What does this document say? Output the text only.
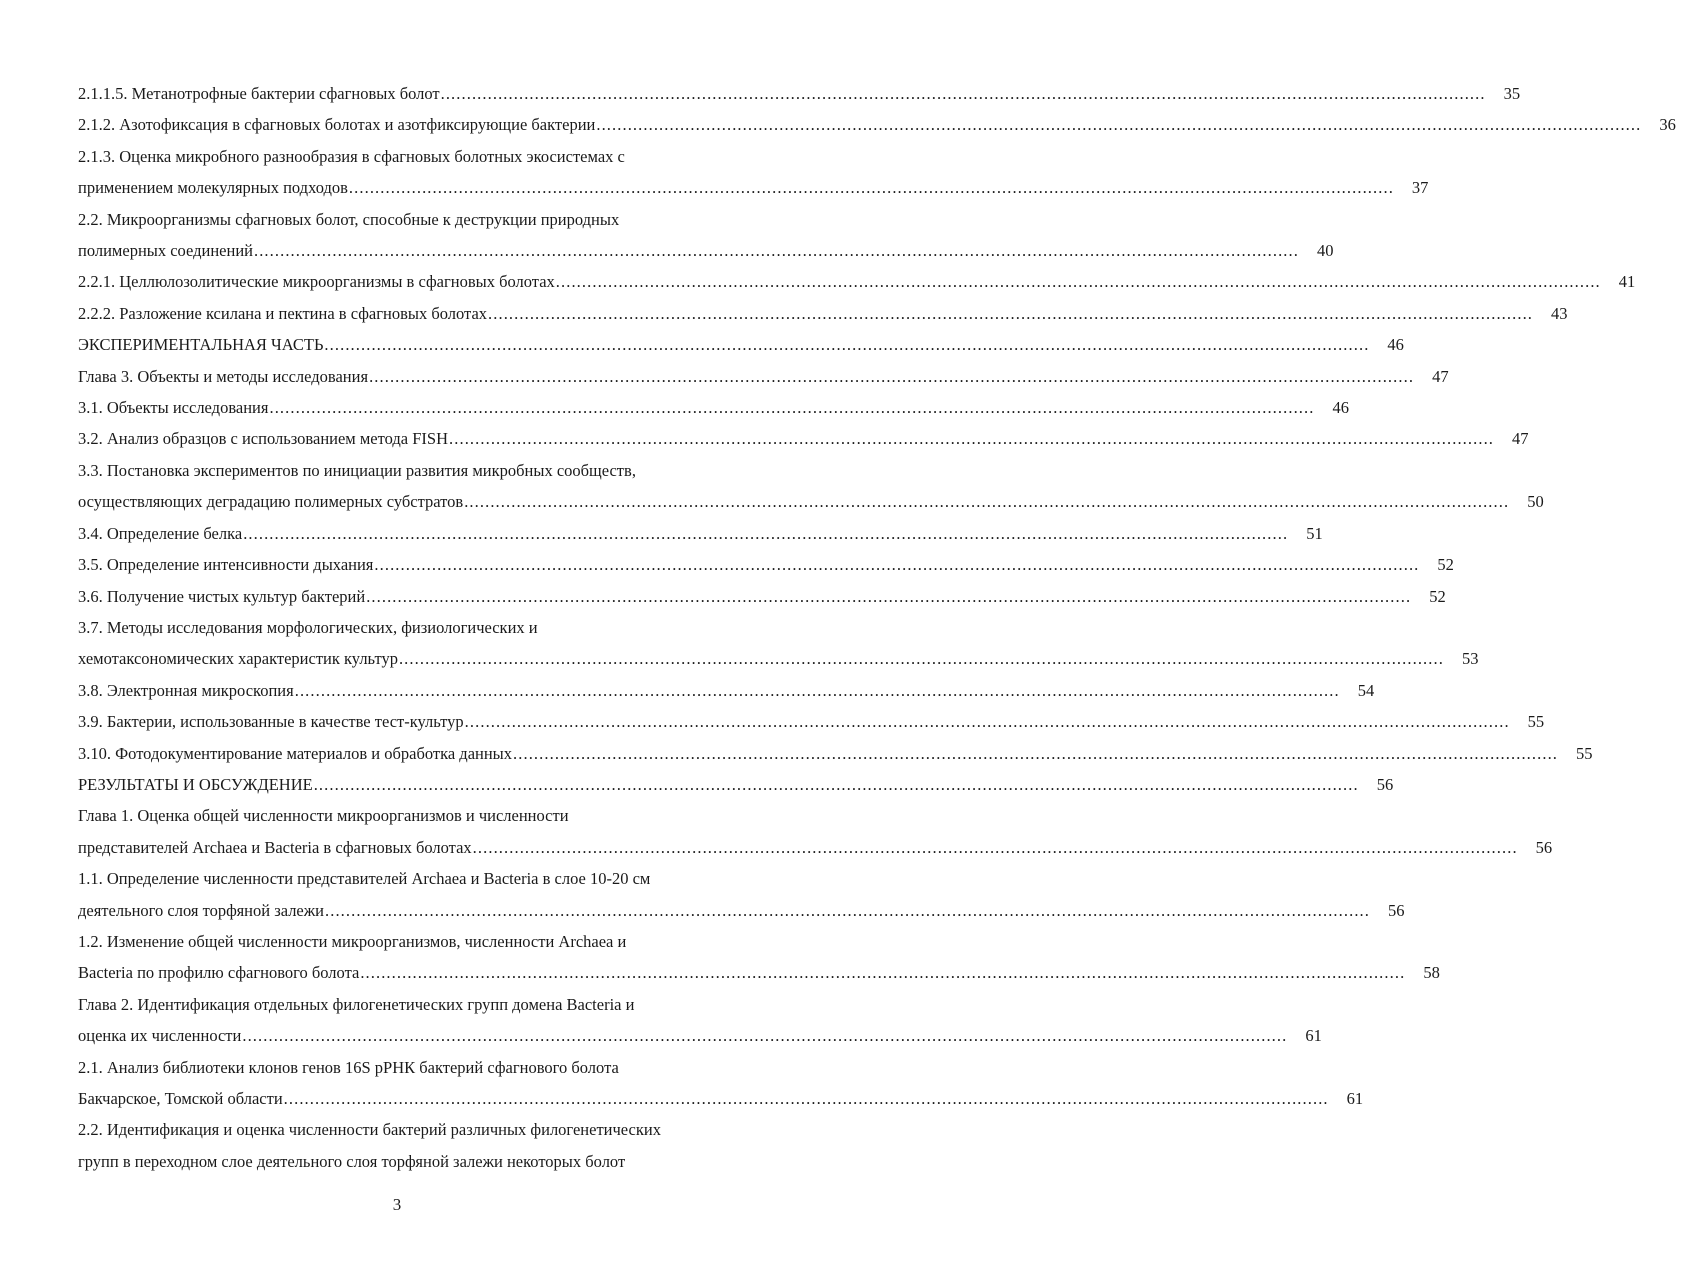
2.1.1.5. Метанотрофные бактерии сфагновых болот ........................................................................................................................................................................................................ 35
2.1.2. Азотофиксация в сфагновых болотах и азотфиксирующие бактерии ........................................................................................................................................................................................................ 36
2.1.3. Оценка микробного разнообразия в сфагновых болотных экосистемах с
применением молекулярных подходов ........................................................................................................................................................................................................ 37
2.2. Микроорганизмы сфагновых болот, способные к деструкции природных
полимерных соединений ........................................................................................................................................................................................................ 40
2.2.1. Целлюлозолитические микроорганизмы в сфагновых болотах ........................................................................................................................................................................................................ 41
2.2.2. Разложение ксилана и пектина в сфагновых болотах ........................................................................................................................................................................................................ 43
ЭКСПЕРИМЕНТАЛЬНАЯ ЧАСТЬ ........................................................................................................................................................................................................ 46
Глава 3. Объекты и методы исследования ........................................................................................................................................................................................................ 47
3.1. Объекты исследования ........................................................................................................................................................................................................ 46
3.2. Анализ образцов с использованием метода FISH ........................................................................................................................................................................................................ 47
3.3. Постановка экспериментов по инициации развития микробных сообществ,
осуществляющих деградацию полимерных субстратов ........................................................................................................................................................................................................ 50
3.4. Определение белка ........................................................................................................................................................................................................ 51
3.5. Определение интенсивности дыхания ........................................................................................................................................................................................................ 52
3.6. Получение чистых культур бактерий ........................................................................................................................................................................................................ 52
3.7. Методы исследования морфологических, физиологических и
хемотаксономических характеристик культур ........................................................................................................................................................................................................ 53
3.8. Электронная микроскопия ........................................................................................................................................................................................................ 54
3.9. Бактерии, использованные в качестве тест-культур ........................................................................................................................................................................................................ 55
3.10. Фотодокументирование материалов и обработка данных ........................................................................................................................................................................................................ 55
РЕЗУЛЬТАТЫ И ОБСУЖДЕНИЕ ........................................................................................................................................................................................................ 56
Глава 1. Оценка общей численности микроорганизмов и численности
представителей Archaea и Bacteria в сфагновых болотах ........................................................................................................................................................................................................ 56
1.1. Определение численности представителей Archaea и Bacteria в слое 10-20 см
деятельного слоя торфяной залежи ........................................................................................................................................................................................................ 56
1.2. Изменение общей численности микроорганизмов, численности Archaea и
Bacteria по профилю сфагнового болота ........................................................................................................................................................................................................ 58
Глава 2. Идентификация отдельных филогенетических групп домена Bacteria и
оценка их численности ........................................................................................................................................................................................................ 61
2.1. Анализ библиотеки клонов генов 16S рРНК бактерий сфагнового болота
Бакчарское, Томской области ........................................................................................................................................................................................................ 61
2.2. Идентификация и оценка численности бактерий различных филогенетических
групп в переходном слое деятельного слоя торфяной залежи некоторых болот
3
